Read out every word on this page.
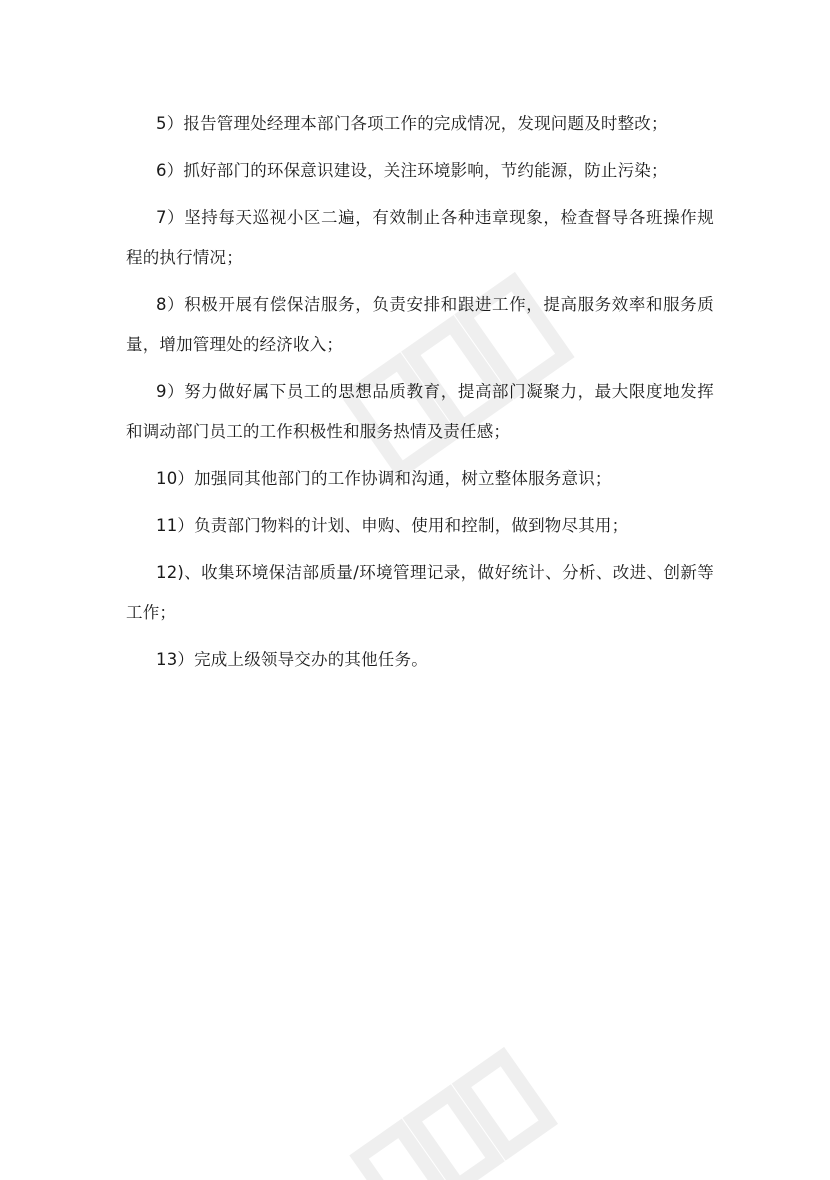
5）报告管理处经理本部门各项工作的完成情况，发现问题及时整改；

6）抓好部门的环保意识建设，关注环境影响，节约能源，防止污染；

7）坚持每天巡视小区二遍，有效制止各种违章现象，检查督导各班操作规程的执行情况；

8）积极开展有偿保洁服务，负责安排和跟进工作，提高服务效率和服务质量，增加管理处的经济收入；

9）努力做好属下员工的思想品质教育，提高部门凝聚力，最大限度地发挥和调动部门员工的工作积极性和服务热情及责任感；

10）加强同其他部门的工作协调和沟通，树立整体服务意识；

11）负责部门物料的计划、申购、使用和控制，做到物尽其用；

12)、收集环境保洁部质量/环境管理记录，做好统计、分析、改进、创新等工作；

13）完成上级领导交办的其他任务。
